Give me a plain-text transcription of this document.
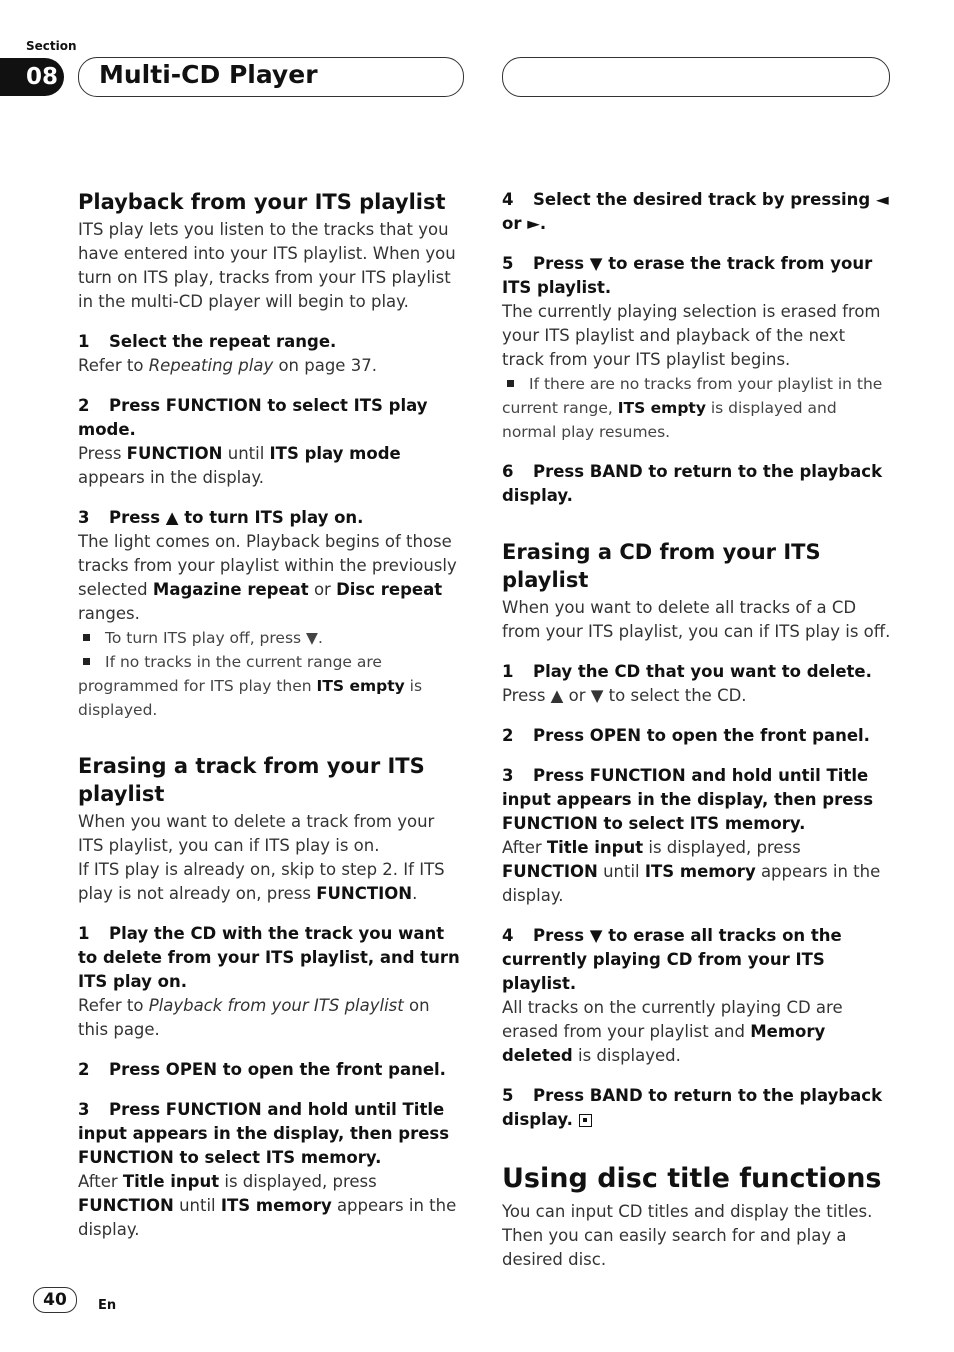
Section
08 Multi-CD Player
Playback from your ITS playlist

ITS play lets you listen to the tracks that you have entered into your ITS playlist. When you turn on ITS play, tracks from your ITS playlist in the multi-CD player will begin to play.

1 Select the repeat range.

Refer to Repeating play on page 37.

2 Press FUNCTION to select ITS play mode.

Press FUNCTION until ITS play mode appears in the display.

3 Press ▲ to turn ITS play on.

The light comes on. Playback begins of those tracks from your playlist within the previously selected Magazine repeat or Disc repeat ranges.

To turn ITS play off, press ▼.

If no tracks in the current range are programmed for ITS play then ITS empty is displayed.

Erasing a track from your ITS playlist

When you want to delete a track from your ITS playlist, you can if ITS play is on.

If ITS play is already on, skip to step 2. If ITS play is not already on, press FUNCTION.

1 Play the CD with the track you want to delete from your ITS playlist, and turn ITS play on.

Refer to Playback from your ITS playlist on this page.

2 Press OPEN to open the front panel.
3 Press FUNCTION and hold until Title input appears in the display, then press FUNCTION to select ITS memory.

After Title input is displayed, press FUNCTION until ITS memory appears in the display.

4 Select the desired track by pressing ◄ or ►.
5 Press ▼ to erase the track from your ITS playlist.

The currently playing selection is erased from your ITS playlist and playback of the next track from your ITS playlist begins.

If there are no tracks from your playlist in the current range, ITS empty is displayed and normal play resumes.

6 Press BAND to return to the playback display.
Erasing a CD from your ITS playlist

When you want to delete all tracks of a CD from your ITS playlist, you can if ITS play is off.

1 Play the CD that you want to delete.

Press ▲ or ▼ to select the CD.

2 Press OPEN to open the front panel.
3 Press FUNCTION and hold until Title input appears in the display, then press FUNCTION to select ITS memory.

After Title input is displayed, press FUNCTION until ITS memory appears in the display.

4 Press ▼ to erase all tracks on the currently playing CD from your ITS playlist.

All tracks on the currently playing CD are erased from your playlist and Memory deleted is displayed.

5 Press BAND to return to the playback display.
Using disc title functions

You can input CD titles and display the titles. Then you can easily search for and play a desired disc.

40	En
